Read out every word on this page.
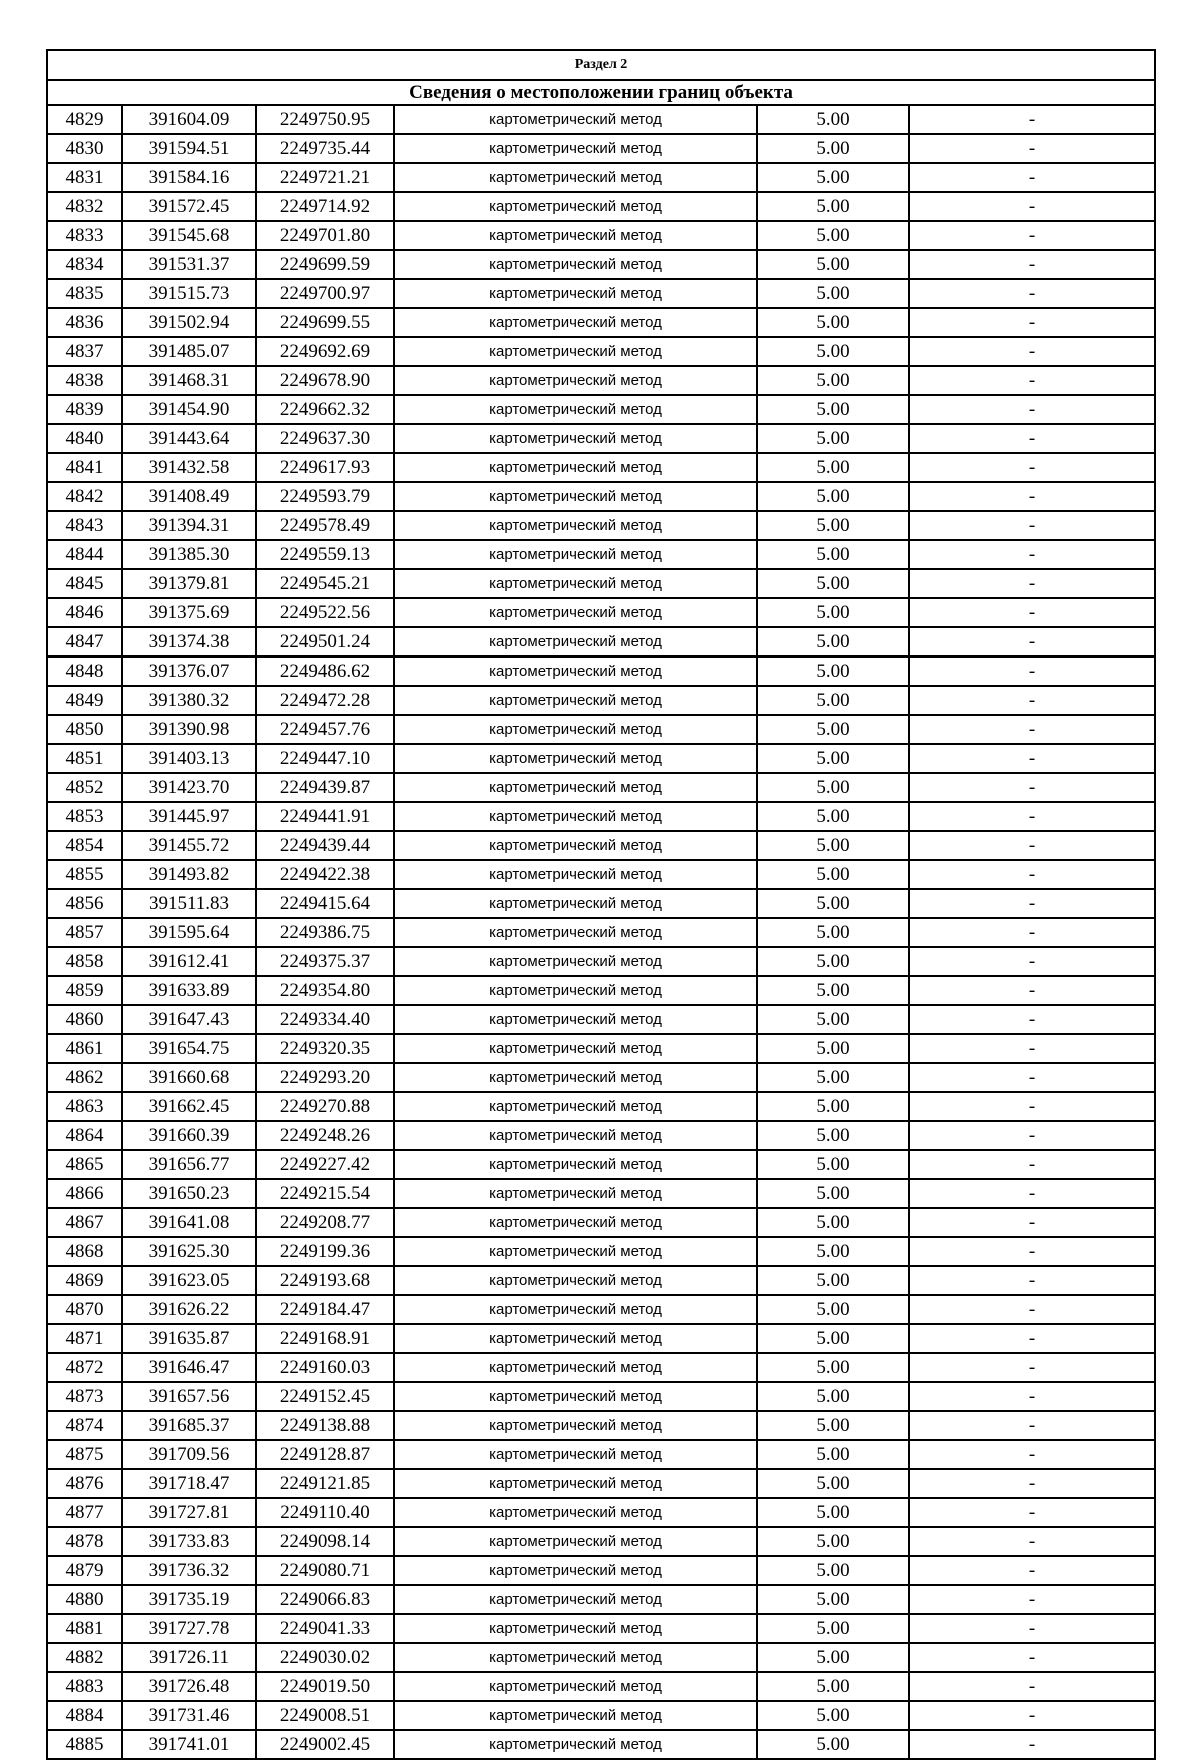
Раздел 2					
Сведения о местоположении границ объекта					
4829	391604.09	2249750.95	картометрический метод	5.00	-
4830	391594.51	2249735.44	картометрический метод	5.00	-
4831	391584.16	2249721.21	картометрический метод	5.00	-
4832	391572.45	2249714.92	картометрический метод	5.00	-
4833	391545.68	2249701.80	картометрический метод	5.00	-
4834	391531.37	2249699.59	картометрический метод	5.00	-
4835	391515.73	2249700.97	картометрический метод	5.00	-
4836	391502.94	2249699.55	картометрический метод	5.00	-
4837	391485.07	2249692.69	картометрический метод	5.00	-
4838	391468.31	2249678.90	картометрический метод	5.00	-
4839	391454.90	2249662.32	картометрический метод	5.00	-
4840	391443.64	2249637.30	картометрический метод	5.00	-
4841	391432.58	2249617.93	картометрический метод	5.00	-
4842	391408.49	2249593.79	картометрический метод	5.00	-
4843	391394.31	2249578.49	картометрический метод	5.00	-
4844	391385.30	2249559.13	картометрический метод	5.00	-
4845	391379.81	2249545.21	картометрический метод	5.00	-
4846	391375.69	2249522.56	картометрический метод	5.00	-
4847	391374.38	2249501.24	картометрический метод	5.00	-
4848	391376.07	2249486.62	картометрический метод	5.00	-
4849	391380.32	2249472.28	картометрический метод	5.00	-
4850	391390.98	2249457.76	картометрический метод	5.00	-
4851	391403.13	2249447.10	картометрический метод	5.00	-
4852	391423.70	2249439.87	картометрический метод	5.00	-
4853	391445.97	2249441.91	картометрический метод	5.00	-
4854	391455.72	2249439.44	картометрический метод	5.00	-
4855	391493.82	2249422.38	картометрический метод	5.00	-
4856	391511.83	2249415.64	картометрический метод	5.00	-
4857	391595.64	2249386.75	картометрический метод	5.00	-
4858	391612.41	2249375.37	картометрический метод	5.00	-
4859	391633.89	2249354.80	картометрический метод	5.00	-
4860	391647.43	2249334.40	картометрический метод	5.00	-
4861	391654.75	2249320.35	картометрический метод	5.00	-
4862	391660.68	2249293.20	картометрический метод	5.00	-
4863	391662.45	2249270.88	картометрический метод	5.00	-
4864	391660.39	2249248.26	картометрический метод	5.00	-
4865	391656.77	2249227.42	картометрический метод	5.00	-
4866	391650.23	2249215.54	картометрический метод	5.00	-
4867	391641.08	2249208.77	картометрический метод	5.00	-
4868	391625.30	2249199.36	картометрический метод	5.00	-
4869	391623.05	2249193.68	картометрический метод	5.00	-
4870	391626.22	2249184.47	картометрический метод	5.00	-
4871	391635.87	2249168.91	картометрический метод	5.00	-
4872	391646.47	2249160.03	картометрический метод	5.00	-
4873	391657.56	2249152.45	картометрический метод	5.00	-
4874	391685.37	2249138.88	картометрический метод	5.00	-
4875	391709.56	2249128.87	картометрический метод	5.00	-
4876	391718.47	2249121.85	картометрический метод	5.00	-
4877	391727.81	2249110.40	картометрический метод	5.00	-
4878	391733.83	2249098.14	картометрический метод	5.00	-
4879	391736.32	2249080.71	картометрический метод	5.00	-
4880	391735.19	2249066.83	картометрический метод	5.00	-
4881	391727.78	2249041.33	картометрический метод	5.00	-
4882	391726.11	2249030.02	картометрический метод	5.00	-
4883	391726.48	2249019.50	картометрический метод	5.00	-
4884	391731.46	2249008.51	картометрический метод	5.00	-
4885	391741.01	2249002.45	картометрический метод	5.00	-
